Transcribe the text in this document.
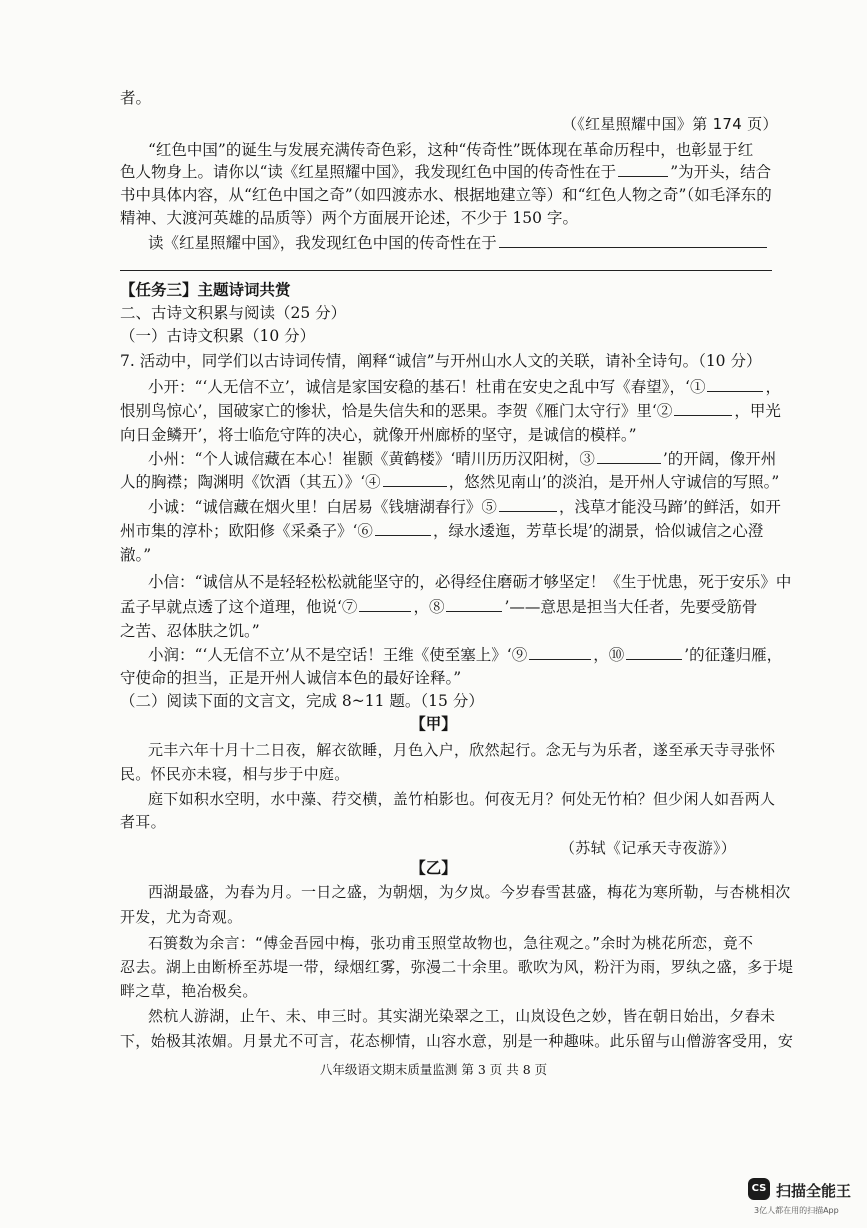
者。
（《红星照耀中国》第 174 页）
“红色中国”的诞生与发展充满传奇色彩，这种“传奇性”既体现在革命历程中，也彰显于红
色人物身上。请你以“读《红星照耀中国》，我发现红色中国的传奇性在于	”为开头，结合
书中具体内容，从“红色中国之奇”（如四渡赤水、根据地建立等）和“红色人物之奇”（如毛泽东的
精神、大渡河英雄的品质等）两个方面展开论述，不少于 150 字。
读《红星照耀中国》，我发现红色中国的传奇性在于
【任务三】主题诗词共赏
二、古诗文积累与阅读（25 分）
（一）古诗文积累（10 分）
7. 活动中，同学们以古诗词传情，阐释“诚信”与开州山水人文的关联，请补全诗句。（10 分）
小开：“‘人无信不立’，诚信是家国安稳的基石！杜甫在安史之乱中写《春望》，‘①	，
恨别鸟惊心’，国破家亡的惨状，恰是失信失和的恶果。李贺《雁门太守行》里‘②	，甲光
向日金鳞开’，将士临危守阵的决心，就像开州廊桥的坚守，是诚信的模样。”
小州：“个人诚信藏在本心！崔颢《黄鹤楼》‘晴川历历汉阳树，③	’的开阔，像开州
人的胸襟；陶渊明《饮酒（其五）》‘④	，悠然见南山’的淡泊，是开州人守诚信的写照。”
小诚：“诚信藏在烟火里！白居易《钱塘湖春行》⑤	，浅草才能没马蹄’的鲜活，如开
州市集的淳朴；欧阳修《采桑子》‘⑥	，绿水逶迤，芳草长堤’的湖景，恰似诚信之心澄
澈。”
小信：“诚信从不是轻轻松松就能坚守的，必得经住磨砺才够坚定！《生于忧患，死于安乐》中
孟子早就点透了这个道理，他说‘⑦	，⑧	’——意思是担当大任者，先要受筋骨
之苦、忍体肤之饥。”
小润：“‘人无信不立’从不是空话！王维《使至塞上》‘⑨	，⑩	’的征蓬归雁，
守使命的担当，正是开州人诚信本色的最好诠释。”
（二）阅读下面的文言文，完成 8~11 题。（15 分）
【甲】
元丰六年十月十二日夜，解衣欲睡，月色入户，欣然起行。念无与为乐者，遂至承天寺寻张怀
民。怀民亦未寝，相与步于中庭。
庭下如积水空明，水中藻、荇交横，盖竹柏影也。何夜无月？何处无竹柏？但少闲人如吾两人
者耳。
（苏轼《记承天寺夜游》）
【乙】
西湖最盛，为春为月。一日之盛，为朝烟，为夕岚。今岁春雪甚盛，梅花为寒所勒，与杏桃相次
开发，尤为奇观。
石篑数为余言：“傅金吾园中梅，张功甫玉照堂故物也，急往观之。”余时为桃花所恋，竟不
忍去。湖上由断桥至苏堤一带，绿烟红雾，弥漫二十余里。歌吹为风，粉汗为雨，罗纨之盛，多于堤
畔之草，艳冶极矣。
然杭人游湖，止午、未、申三时。其实湖光染翠之工，山岚设色之妙，皆在朝日始出，夕舂未
下，始极其浓媚。月景尤不可言，花态柳情，山容水意，别是一种趣味。此乐留与山僧游客受用，安
八年级语文期末质量监测 第 3 页 共 8 页
CS 扫描全能王
3亿人都在用的扫描App
